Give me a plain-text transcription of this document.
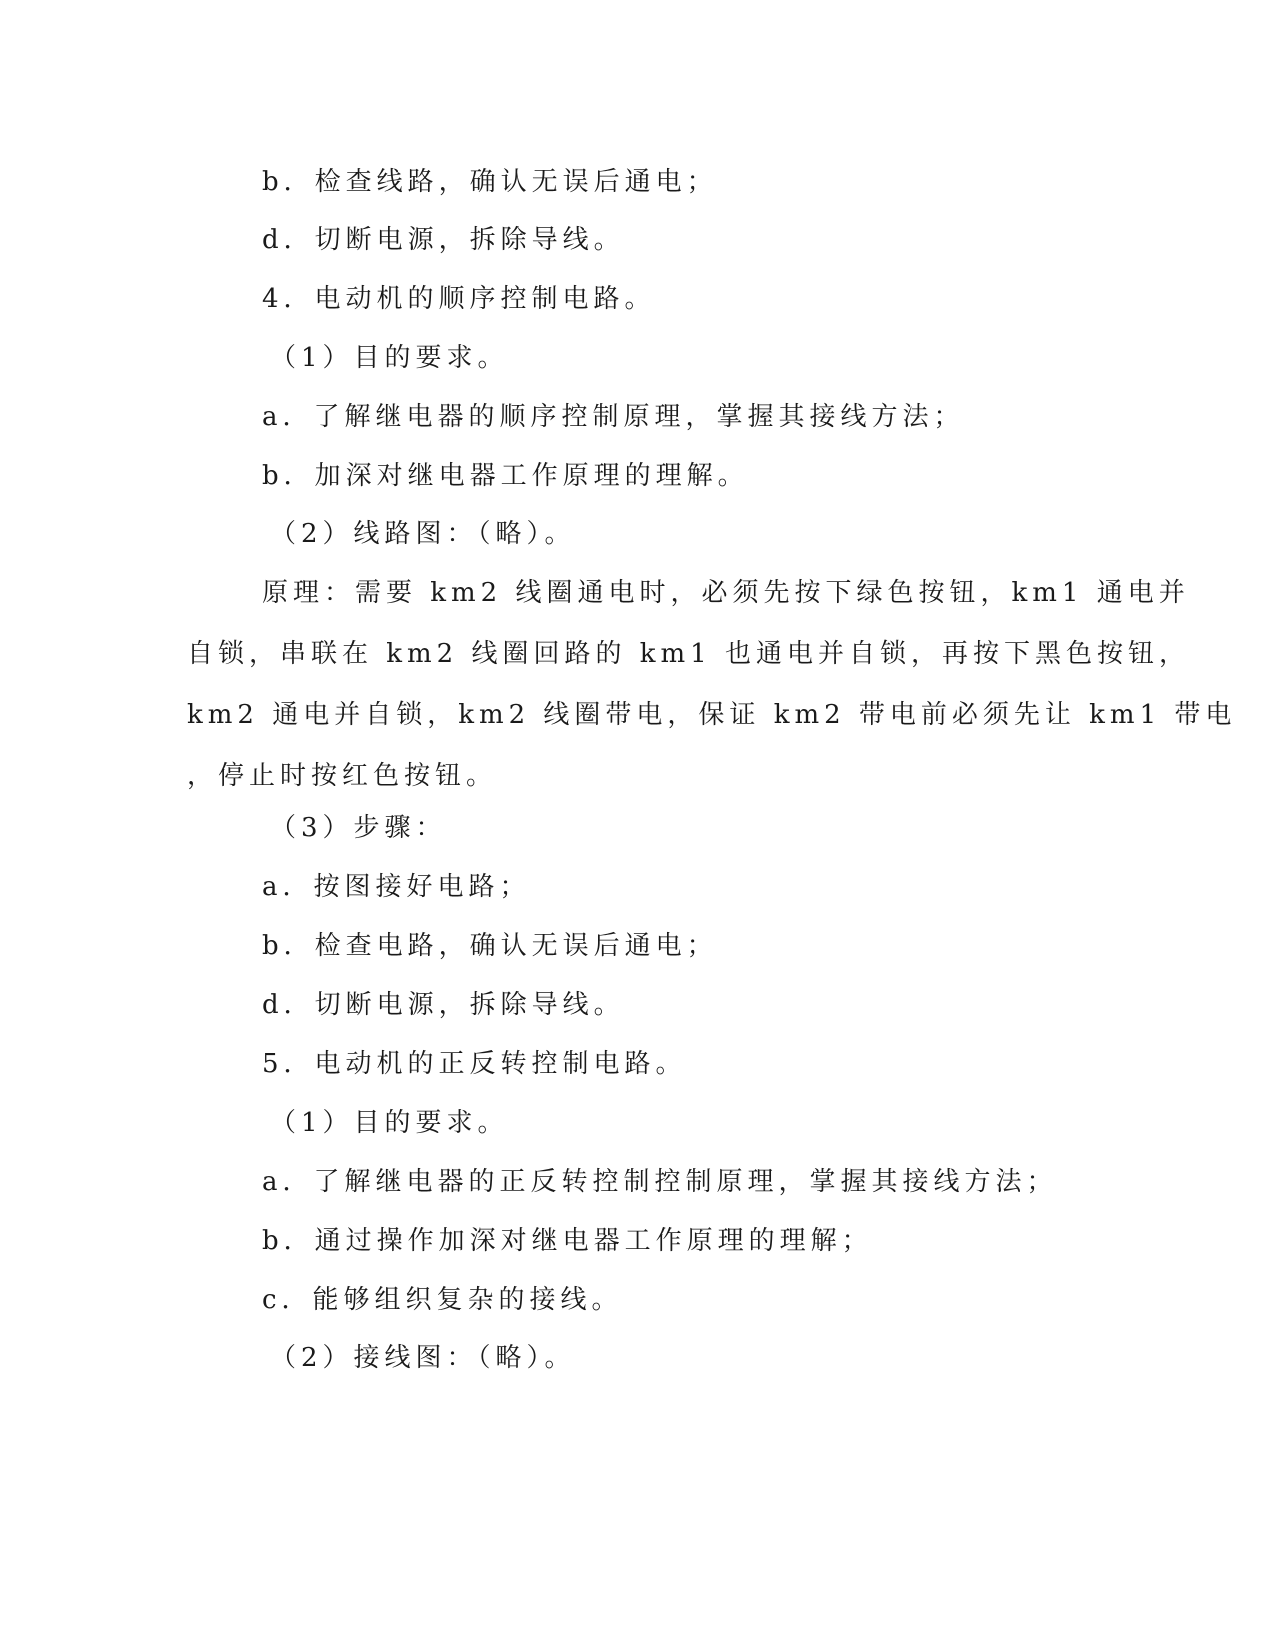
b．检查线路，确认无误后通电；
d．切断电源，拆除导线。
4．电动机的顺序控制电路。
（1）目的要求。
a．了解继电器的顺序控制原理，掌握其接线方法；
b．加深对继电器工作原理的理解。
（2）线路图：（略）。
原理：需要 km2 线圈通电时，必须先按下绿色按钮，km1 通电并
自锁，串联在 km2 线圈回路的 km1 也通电并自锁，再按下黑色按钮，
km2 通电并自锁，km2 线圈带电，保证 km2 带电前必须先让 km1 带电
，停止时按红色按钮。
（3）步骤：
a．按图接好电路；
b．检查电路，确认无误后通电；
d．切断电源，拆除导线。
5．电动机的正反转控制电路。
（1）目的要求。
a．了解继电器的正反转控制控制原理，掌握其接线方法；
b．通过操作加深对继电器工作原理的理解；
c．能够组织复杂的接线。
（2）接线图：（略）。
